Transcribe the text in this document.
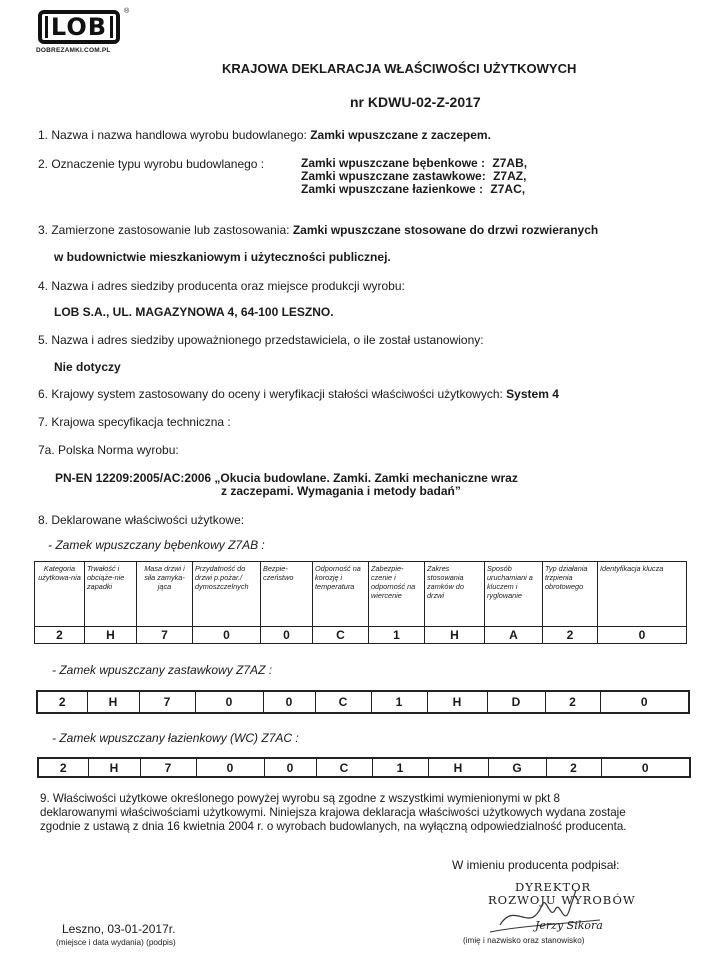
LOB
®
DOBREZAMKI.COM.PL
KRAJOWA DEKLARACJA WŁAŚCIWOŚCI UŻYTKOWYCH
nr KDWU-02-Z-2017
1. Nazwa i nazwa handlowa wyrobu budowlanego: Zamki wpuszczane z zaczepem.
2. Oznaczenie typu wyrobu budowlanego :	Zamki wpuszczane bębenkowe : Z7AB,
Zamki wpuszczane zastawkowe: Z7AZ,
Zamki wpuszczane łazienkowe : Z7AC,
3. Zamierzone zastosowanie lub zastosowania: Zamki wpuszczane stosowane do drzwi rozwieranych
w budownictwie mieszkaniowym i użyteczności publicznej.
4. Nazwa i adres siedziby producenta oraz miejsce produkcji wyrobu:
LOB S.A., UL. MAGAZYNOWA 4, 64-100 LESZNO.
5. Nazwa i adres siedziby upoważnionego przedstawiciela, o ile został ustanowiony:
Nie dotyczy
6. Krajowy system zastosowany do oceny i weryfikacji stałości właściwości użytkowych: System 4
7. Krajowa specyfikacja techniczna :
7a. Polska Norma wyrobu:
PN-EN 12209:2005/AC:2006 „Okucia budowlane. Zamki. Zamki mechaniczne wraz
z zaczepami. Wymagania i metody badań”
8. Deklarowane właściwości użytkowe:
- Zamek wpuszczany bębenkowy Z7AB :
Kategoria użytkowa-nia	Trwałość i obciąże-nie zapadki	Masa drzwi i siła zamyka-jąca	Przydatność do drzwi p.pożar./ dymoszczelnych	Bezpie-czeństwo	Odporność na korozję i temperatura	Zabezpie-czenie i odporność na wiercenie	Zakres stosowania zamków do drzwi	Sposób uruchamiani a kluczem i ryglowanie	Typ działania trzpienia obrotowego	Identyfikacja klucza
2	H	7	0	0	C	1	H	A	2	0
- Zamek wpuszczany zastawkowy Z7AZ :
2	H	7	0	0	C	1	H	D	2	0
- Zamek wpuszczany łazienkowy (WC) Z7AC :
2	H	7	0	0	C	1	H	G	2	0
9. Właściwości użytkowe określonego powyżej wyrobu są zgodne z wszystkimi wymienionymi w pkt 8
deklarowanymi właściwościami użytkowymi. Niniejsza krajowa deklaracja właściwości użytkowych wydana zostaje
zgodnie z ustawą z dnia 16 kwietnia 2004 r. o wyrobach budowlanych, na wyłączną odpowiedzialność producenta.
W imieniu producenta podpisał:
DYREKTOR
ROZWOJU WYROBÓW
Jerzy Sikora
Leszno, 03-01-2017r.
(miejsce i data wydania) (podpis)	(imię i nazwisko oraz stanowisko)
